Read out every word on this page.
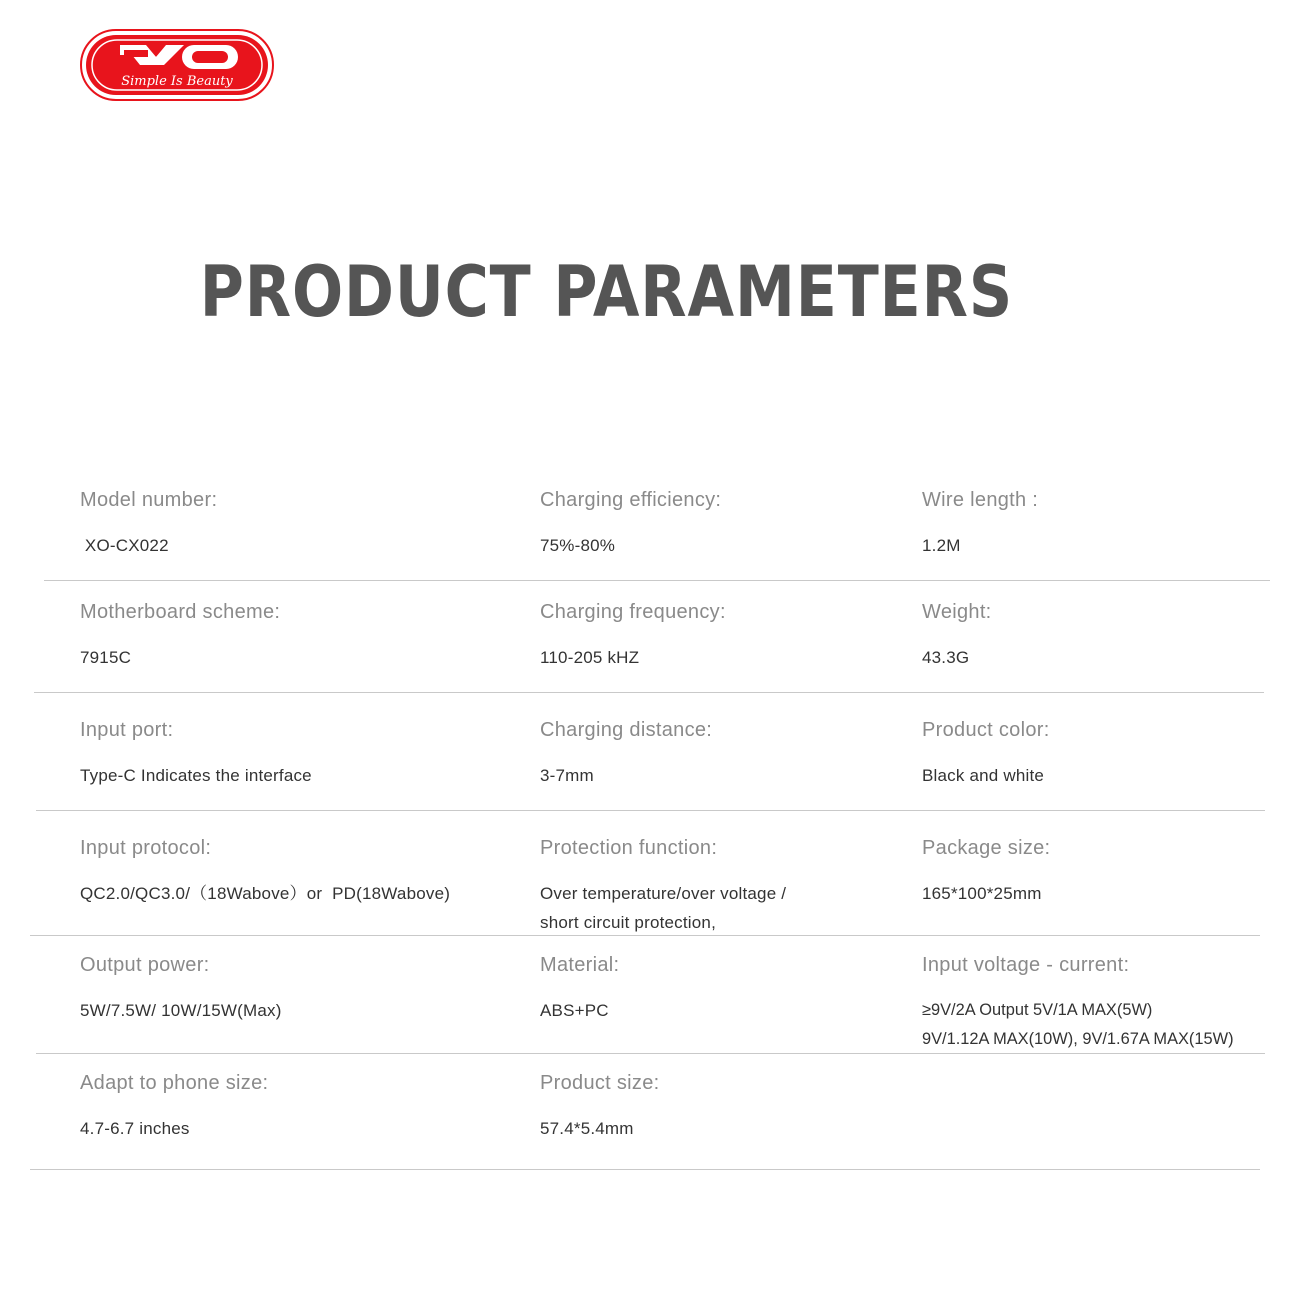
Simple Is Beauty
PRODUCT PARAMETERS
Model number:
XO-CX022
Charging efficiency:
75%-80%
Wire length :
1.2M
Motherboard scheme:
7915C
Charging frequency:
110-205 kHZ
Weight:
43.3G
Input port:
Type-C Indicates the interface
Charging distance:
3-7mm
Product color:
Black and white
Input protocol:
QC2.0/QC3.0/（18Wabove）or  PD(18Wabove)
Protection function:
Over temperature/over voltage /
short circuit protection,
Package size:
165*100*25mm
Output power:
5W/7.5W/ 10W/15W(Max)
Material:
ABS+PC
Input voltage - current:
≥9V/2A Output 5V/1A MAX(5W)
9V/1.12A MAX(10W), 9V/1.67A MAX(15W)
Adapt to phone size:
4.7-6.7 inches
Product size:
57.4*5.4mm
